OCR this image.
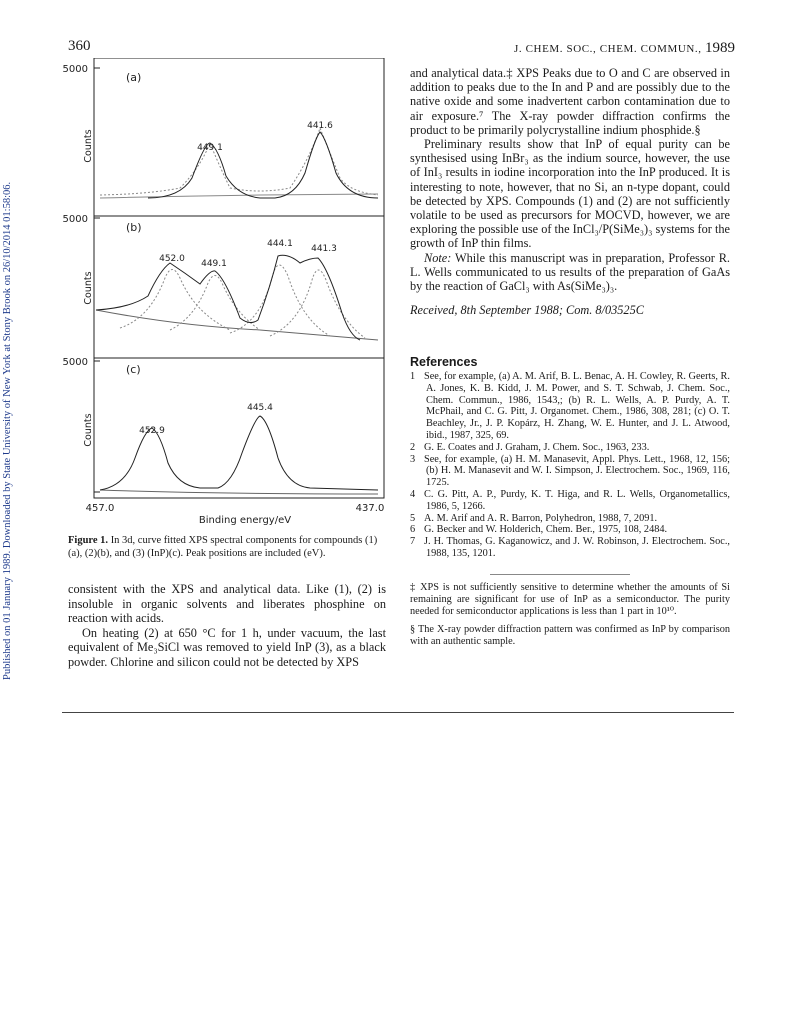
Published on 01 January 1989. Downloaded by State University of New York at Stony Brook on 26/10/2014 01:58:06.
360	J. CHEM. SOC., CHEM. COMMUN., 1989
(a)
5000
Counts	449.1
441.6
(b)
5000
Counts
452.0 449.1
444.1 441.3
(c)
5000
Counts	452.9
445.4
457.0	437.0
Binding energy/eV
Figure 1. In 3d, curve fitted XPS spectral components for compounds (1)(a), (2)(b), and (3) (InP)(c). Peak positions are included (eV).

consistent with the XPS and analytical data. Like (1), (2) is insoluble in organic solvents and liberates phosphine on reaction with acids.

On heating (2) at 650 °C for 1 h, under vacuum, the last equivalent of Me₃SiCl was removed to yield InP (3), as a black powder. Chlorine and silicon could not be detected by XPS

and analytical data.‡ XPS Peaks due to O and C are observed in addition to peaks due to the In and P and are possibly due to the native oxide and some inadvertent carbon contamination due to air exposure.⁷ The X-ray powder diffraction confirms the product to be primarily polycrystalline indium phosphide.§

Preliminary results show that InP of equal purity can be synthesised using InBr₃ as the indium source, however, the use of InI₃ results in iodine incorporation into the InP produced. It is interesting to note, however, that no Si, an n-type dopant, could be detected by XPS. Compounds (1) and (2) are not sufficiently volatile to be used as precursors for MOCVD, however, we are exploring the possible use of the InCl₃/P(SiMe₃)₃ systems for the growth of InP thin films.

Note: While this manuscript was in preparation, Professor R. L. Wells communicated to us results of the preparation of GaAs by the reaction of GaCl₃ with As(SiMe₃)₃.

Received, 8th September 1988; Com. 8/03525C
References
1 See, for example, (a) A. M. Arif, B. L. Benac, A. H. Cowley, R. Geerts, R. A. Jones, K. B. Kidd, J. M. Power, and S. T. Schwab, J. Chem. Soc., Chem. Commun., 1986, 1543,; (b) R. L. Wells, A. P. Purdy, A. T. McPhail, and C. G. Pitt, J. Organomet. Chem., 1986, 308, 281; (c) O. T. Beachley, Jr., J. P. Kopárz, H. Zhang, W. E. Hunter, and J. L. Atwood, ibid., 1987, 325, 69.
2 G. E. Coates and J. Graham, J. Chem. Soc., 1963, 233.
3 See, for example, (a) H. M. Manasevit, Appl. Phys. Lett., 1968, 12, 156; (b) H. M. Manasevit and W. I. Simpson, J. Electrochem. Soc., 1969, 116, 1725.
4 C. G. Pitt, A. P., Purdy, K. T. Higa, and R. L. Wells, Organometallics, 1986, 5, 1266.
5 A. M. Arif and A. R. Barron, Polyhedron, 1988, 7, 2091.
6 G. Becker and W. Holderich, Chem. Ber., 1975, 108, 2484.
7 J. H. Thomas, G. Kaganowicz, and J. W. Robinson, J. Electrochem. Soc., 1988, 135, 1201.

‡ XPS is not sufficiently sensitive to determine whether the amounts of Si remaining are significant for use of InP as a semiconductor. The purity needed for semiconductor applications is less than 1 part in 10¹⁰.

§ The X-ray powder diffraction pattern was confirmed as InP by comparison with an authentic sample.
